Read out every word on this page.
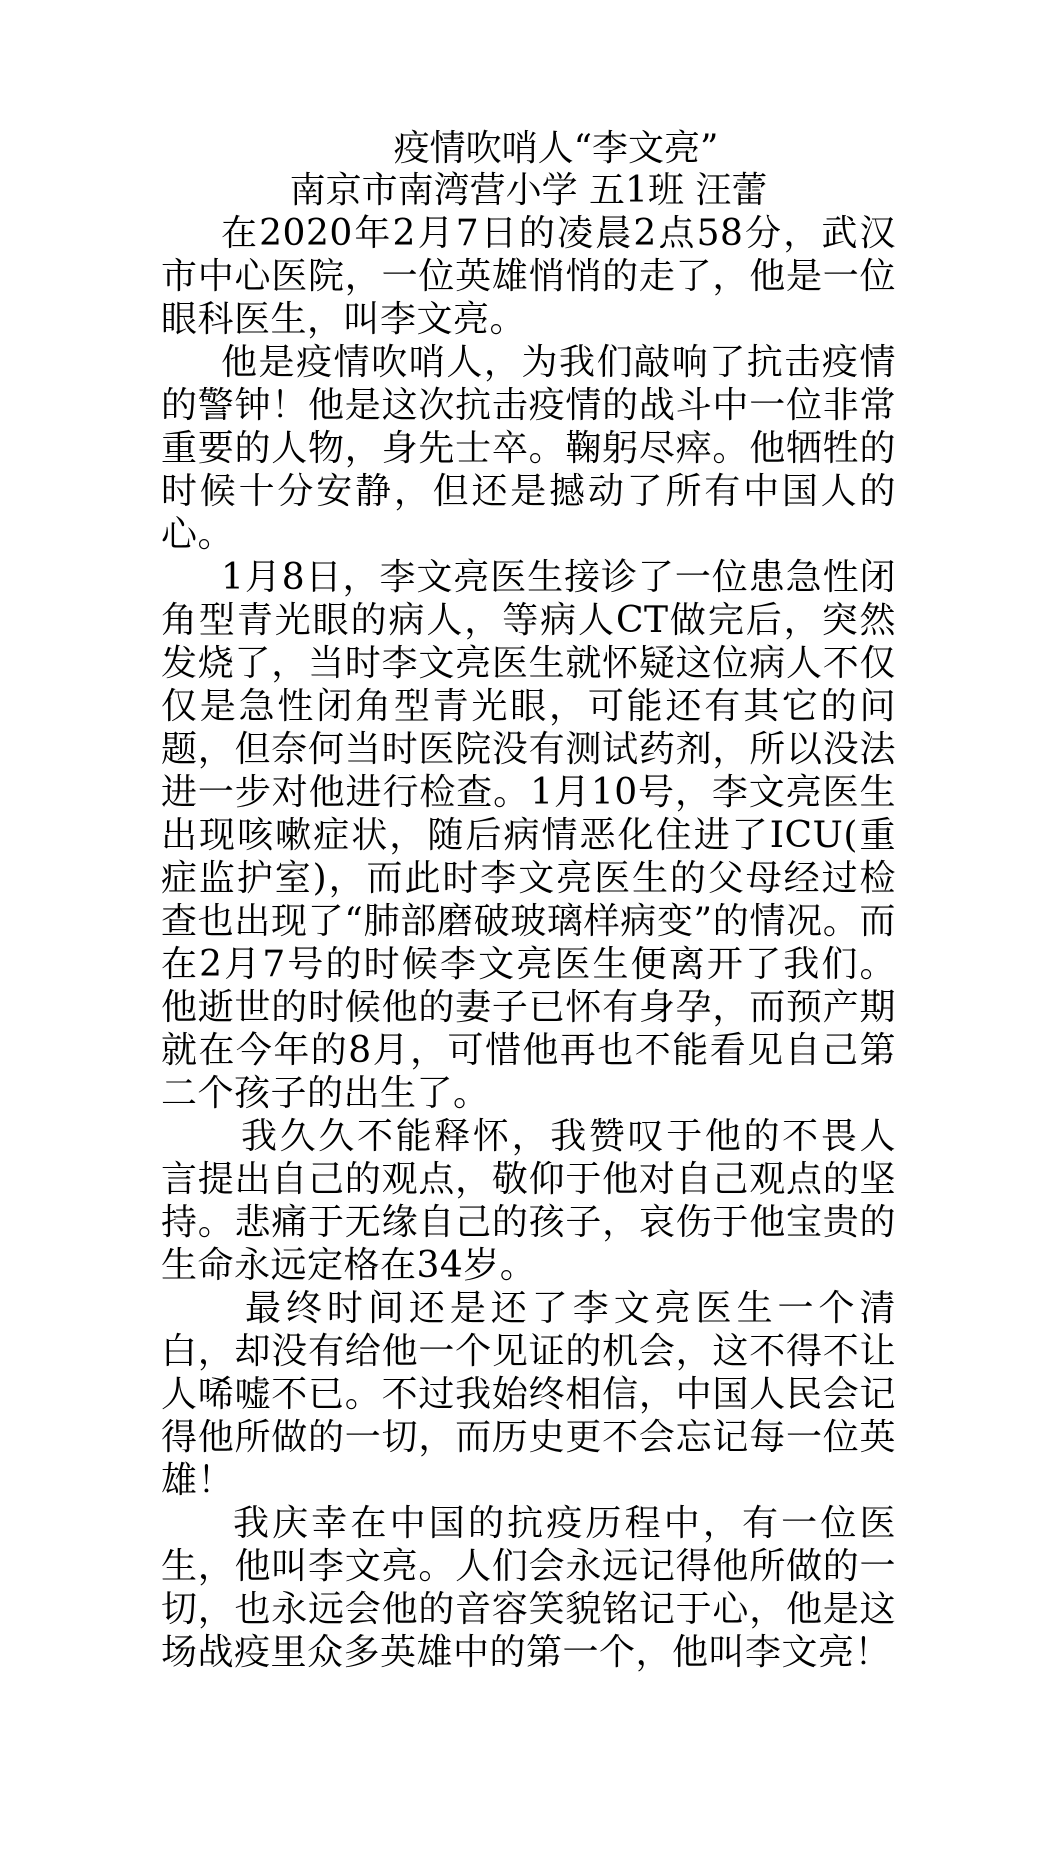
疫情吹哨人“李文亮”
南京市南湾营小学 五1班 汪蕾

在2020年2月7日的凌晨2点58分，武汉市中心医院，一位英雄悄悄的走了，他是一位眼科医生，叫李文亮。

他是疫情吹哨人，为我们敲响了抗击疫情的警钟！他是这次抗击疫情的战斗中一位非常重要的人物，身先士卒。鞠躬尽瘁。他牺牲的时候十分安静，但还是撼动了所有中国人的心。

1月8日，李文亮医生接诊了一位患急性闭角型青光眼的病人，等病人CT做完后，突然发烧了，当时李文亮医生就怀疑这位病人不仅仅是急性闭角型青光眼，可能还有其它的问题，但奈何当时医院没有测试药剂，所以没法进一步对他进行检查。1月10号，李文亮医生出现咳嗽症状，随后病情恶化住进了ICU(重症监护室)，而此时李文亮医生的父母经过检查也出现了“肺部磨破玻璃样病变”的情况。而在2月7号的时候李文亮医生便离开了我们。他逝世的时候他的妻子已怀有身孕，而预产期就在今年的8月，可惜他再也不能看见自己第二个孩子的出生了。

我久久不能释怀，我赞叹于他的不畏人言提出自己的观点，敬仰于他对自己观点的坚持。悲痛于无缘自己的孩子，哀伤于他宝贵的生命永远定格在34岁。

最终时间还是还了李文亮医生一个清白，却没有给他一个见证的机会，这不得不让人唏嘘不已。不过我始终相信，中国人民会记得他所做的一切，而历史更不会忘记每一位英雄！

我庆幸在中国的抗疫历程中，有一位医生，他叫李文亮。人们会永远记得他所做的一切，也永远会他的音容笑貌铭记于心，他是这场战疫里众多英雄中的第一个，他叫李文亮！
